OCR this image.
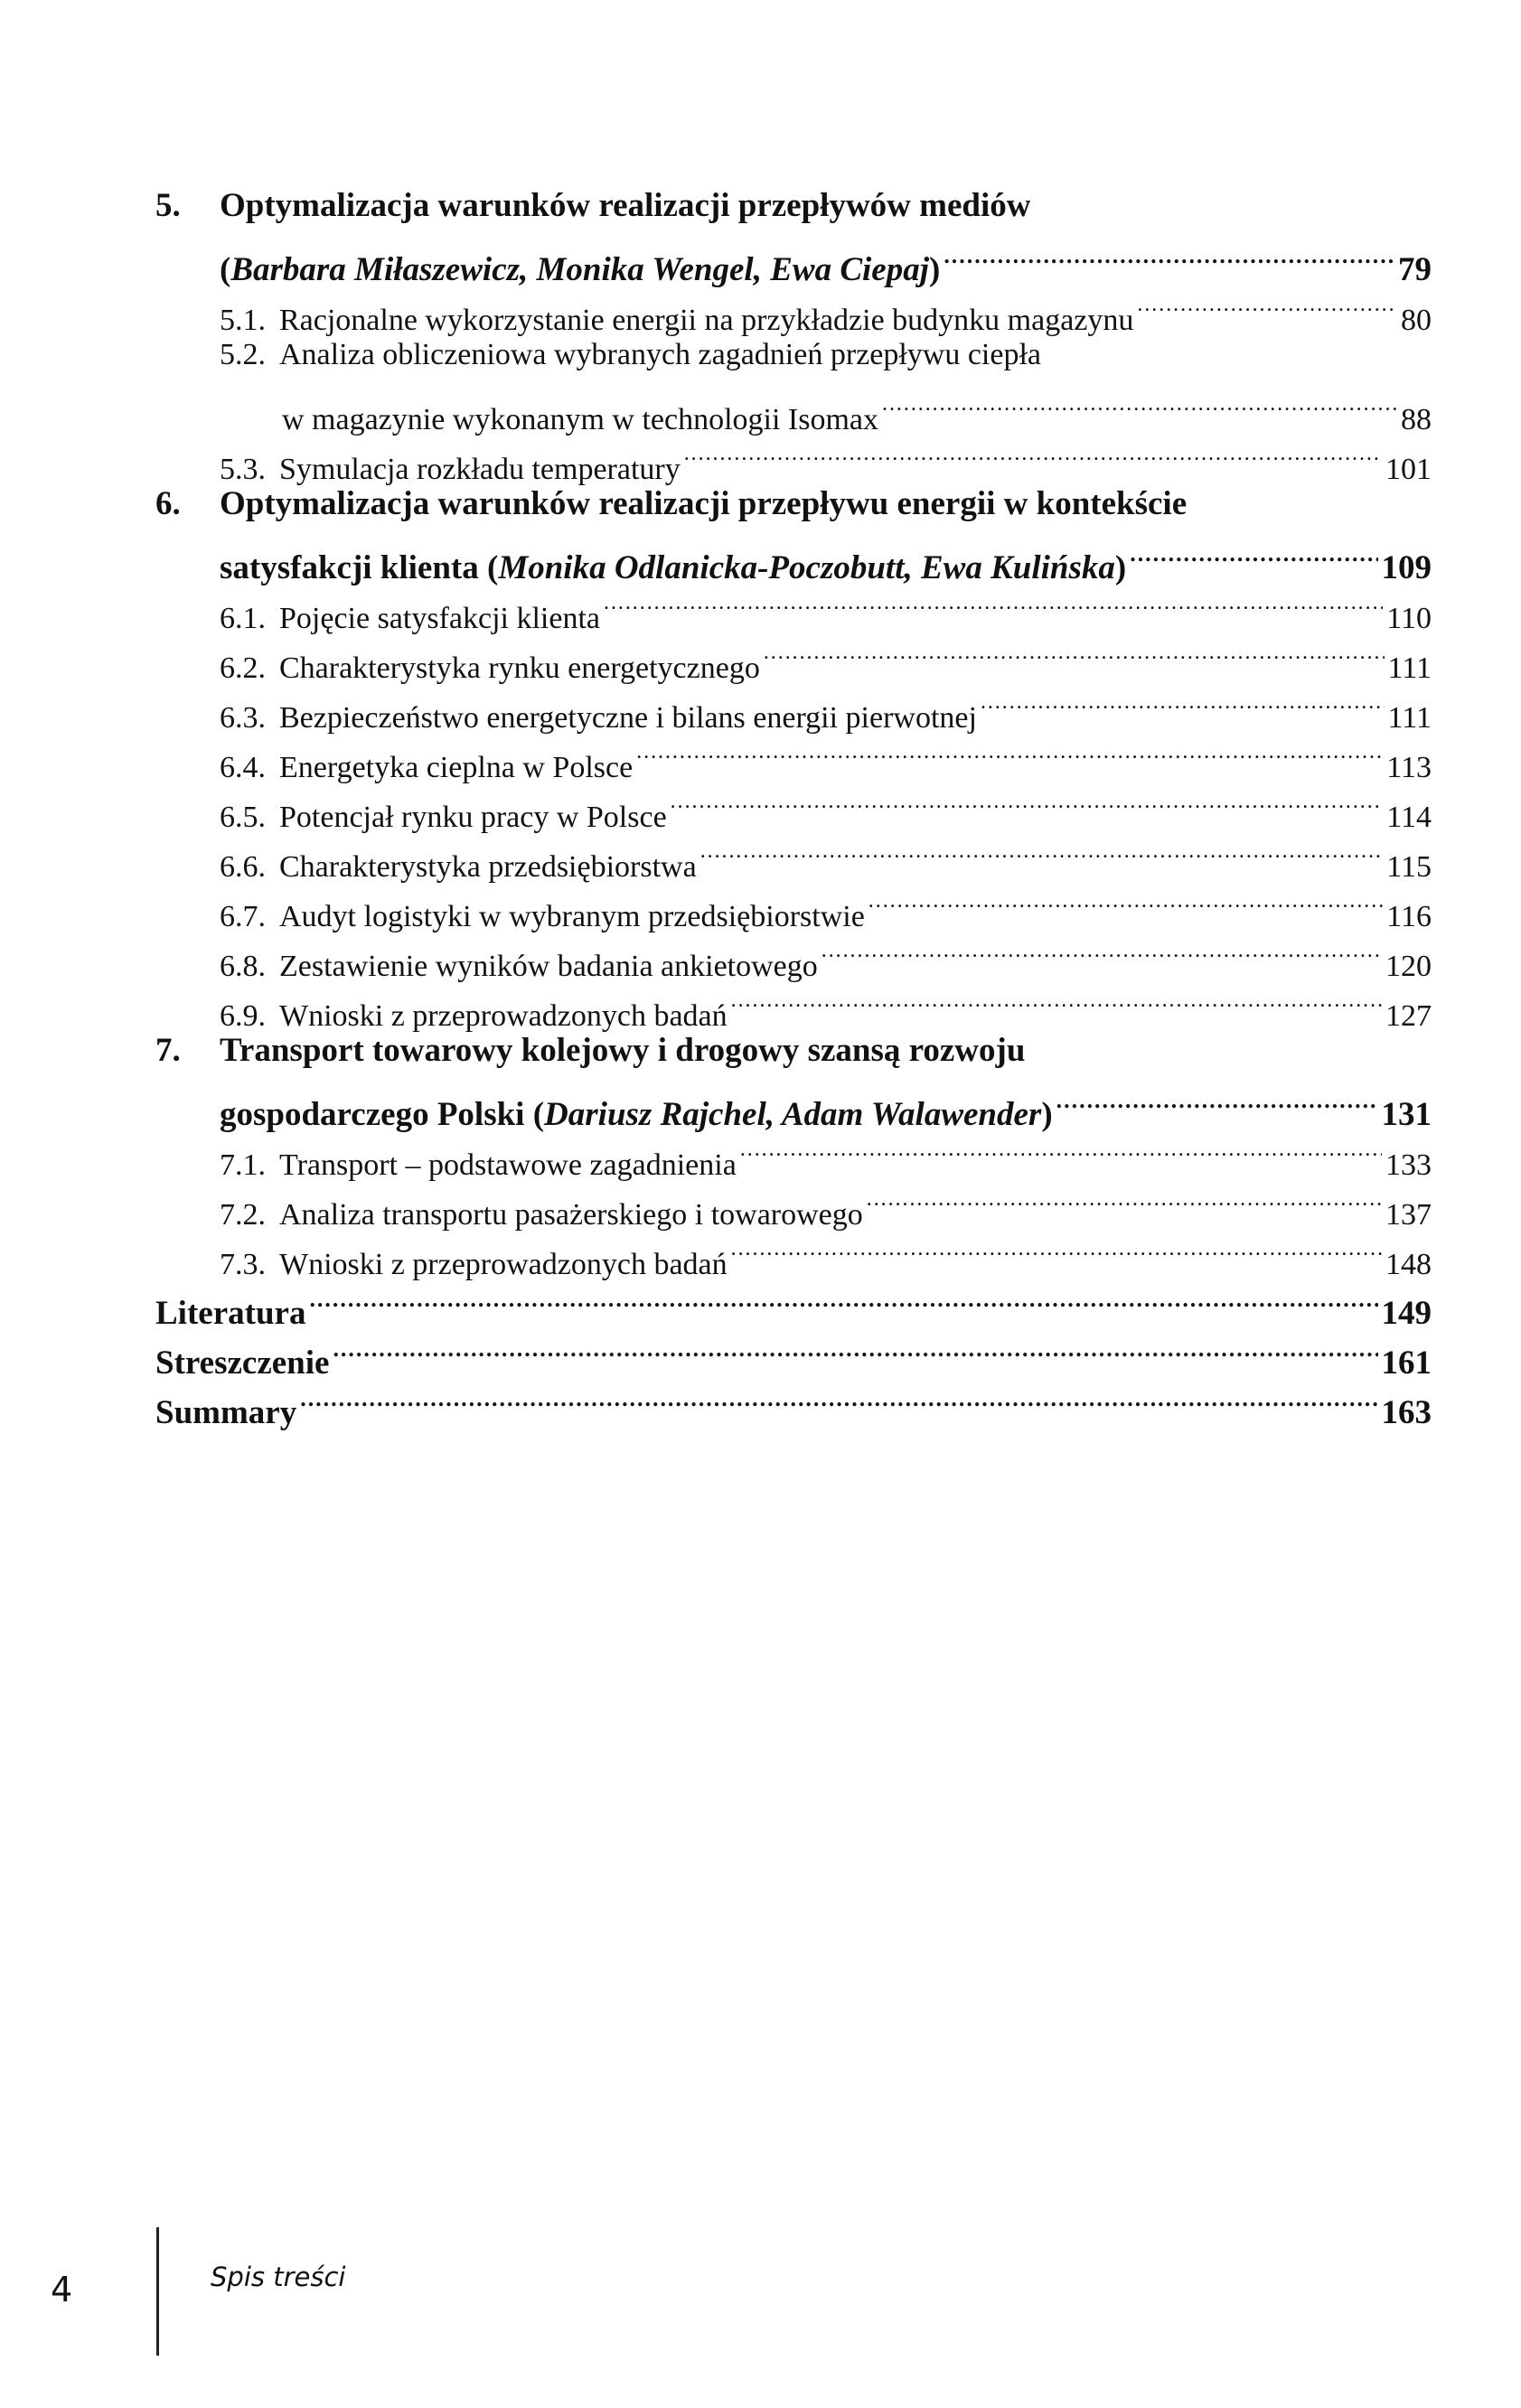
5.	Optymalizacja warunków realizacji przepływów mediów
(Barbara Miłaszewicz, Monika Wengel, Ewa Ciepaj) .....	79
5.1. Racjonalne wykorzystanie energii na przykładzie budynku magazynu .....	80
5.2. Analiza obliczeniowa wybranych zagadnień przepływu ciepła
w magazynie wykonanym w technologii Isomax .....	88
5.3. Symulacja rozkładu temperatury .....	101
6.	Optymalizacja warunków realizacji przepływu energii w kontekście
satysfakcji klienta (Monika Odlanicka-Poczobutt, Ewa Kulińska) .....	109
6.1. Pojęcie satysfakcji klienta .....	110
6.2. Charakterystyka rynku energetycznego .....	111
6.3. Bezpieczeństwo energetyczne i bilans energii pierwotnej .....	111
6.4. Energetyka cieplna w Polsce .....	113
6.5. Potencjał rynku pracy w Polsce .....	114
6.6. Charakterystyka przedsiębiorstwa .....	115
6.7. Audyt logistyki w wybranym przedsiębiorstwie .....	116
6.8. Zestawienie wyników badania ankietowego .....	120
6.9. Wnioski z przeprowadzonych badań .....	127
7.	Transport towarowy kolejowy i drogowy szansą rozwoju
gospodarczego Polski (Dariusz Rajchel, Adam Walawender) .....	131
7.1. Transport – podstawowe zagadnienia .....	133
7.2. Analiza transportu pasażerskiego i towarowego .....	137
7.3. Wnioski z przeprowadzonych badań .....	148
Literatura .....	149
Streszczenie .....	161
Summary .....	163
4	Spis treści
